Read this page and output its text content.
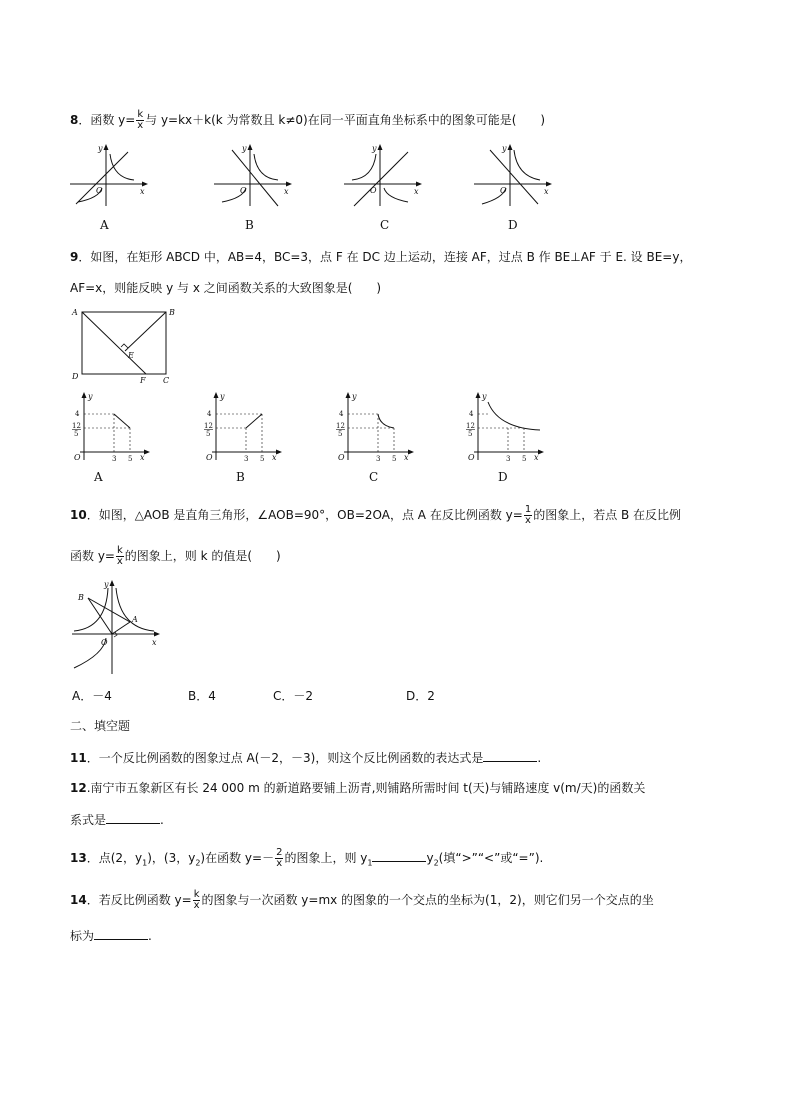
8．函数 $y= \frac{k}{x}$ 与 y=kx＋k(k 为常数且 k≠0)在同一平面直角坐标系中的图象可能是(　　)
y
x
O
y
x
O
y
x
O
y
x
O
A	B	C	D
9．如图，在矩形 ABCD 中，AB=4，BC=3，点 F 在 DC 边上运动，连接 AF，过点 B 作 BE⊥AF 于 E. 设 BE=y，
AF=x，则能反映 y 与 x 之间函数关系的大致图象是(　　)
A	B
C
D
E
F
y
x
O
4
12
5
3 5
y
x
O
4
12
5
3 5
y
x
O
4
12
5
3 5
y
x
O
4
12
5
3 5
A	B	C	D
10．如图，△AOB 是直角三角形，∠AOB=90°，OB=2OA，点 A 在反比例函数 $y= \frac{1}{x}$ 的图象上，若点 B 在反比例
函数 $y= \frac{k}{x}$ 的图象上，则 k 的值是(　　)
y
x
O
B
A
A．－4	B．4	C．－2	D．2
二、填空题
11．一个反比例函数的图象过点 A(－2，－3)，则这个反比例函数的表达式是	.
12.南宁市五象新区有长 24 000 m 的新道路要铺上沥青,则铺路所需时间 t(天)与铺路速度 v(m/天)的函数关
系式是	.
13．点(2，$y_1$)，(3，$y_2$)在函数 $y=- \frac{2}{x}$ 的图象上，则 $y_1$	$y_2$(填“>”“<”或“=”).
14．若反比例函数 $y= \frac{k}{x}$ 的图象与一次函数 y=mx 的图象的一个交点的坐标为(1，2)，则它们另一个交点的坐
标为	.
